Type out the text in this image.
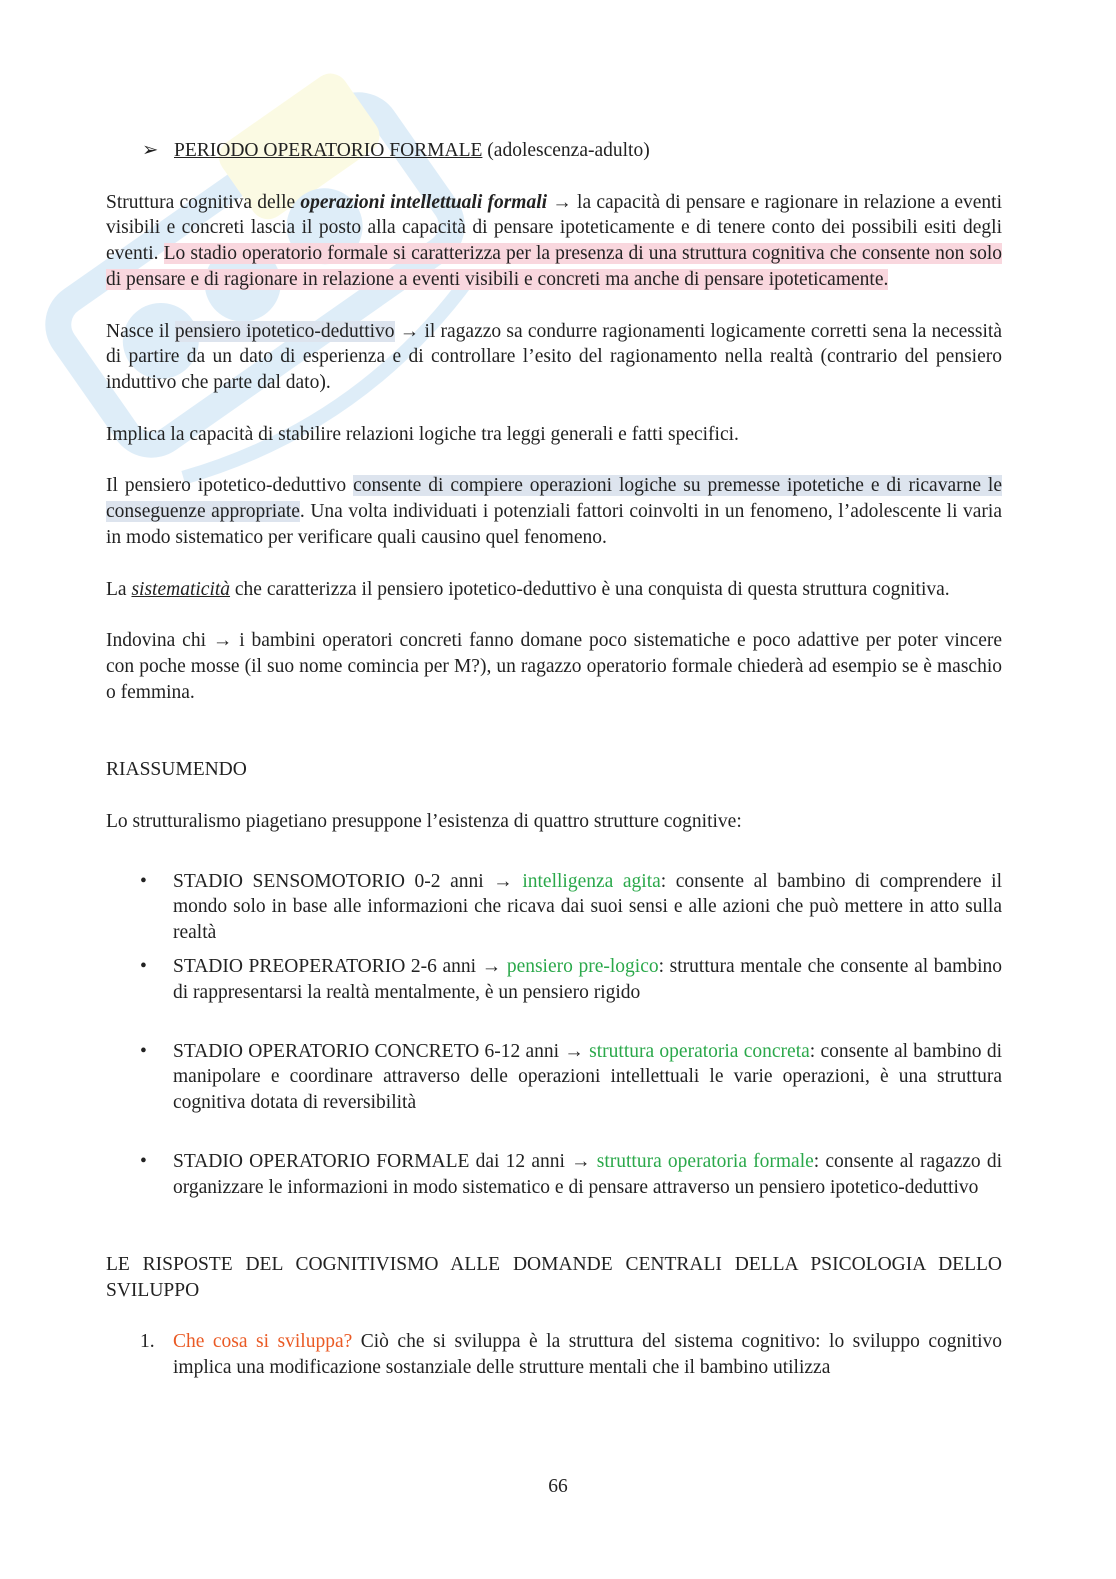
➢ PERIODO OPERATORIO FORMALE (adolescenza-adulto)

Struttura cognitiva delle operazioni intellettuali formali → la capacità di pensare e ragionare in relazione a eventi visibili e concreti lascia il posto alla capacità di pensare ipoteticamente e di tenere conto dei possibili esiti degli eventi. Lo stadio operatorio formale si caratterizza per la presenza di una struttura cognitiva che consente non solo di pensare e di ragionare in relazione a eventi visibili e concreti ma anche di pensare ipoteticamente.

Nasce il pensiero ipotetico-deduttivo → il ragazzo sa condurre ragionamenti logicamente corretti sena la necessità di partire da un dato di esperienza e di controllare l’esito del ragionamento nella realtà (contrario del pensiero induttivo che parte dal dato).

Implica la capacità di stabilire relazioni logiche tra leggi generali e fatti specifici.

Il pensiero ipotetico-deduttivo consente di compiere operazioni logiche su premesse ipotetiche e di ricavarne le conseguenze appropriate. Una volta individuati i potenziali fattori coinvolti in un fenomeno, l’adolescente li varia in modo sistematico per verificare quali causino quel fenomeno.

La sistematicità che caratterizza il pensiero ipotetico-deduttivo è una conquista di questa struttura cognitiva.

Indovina chi → i bambini operatori concreti fanno domane poco sistematiche e poco adattive per poter vincere con poche mosse (il suo nome comincia per M?), un ragazzo operatorio formale chiederà ad esempio se è maschio o femmina.

RIASSUMENDO

Lo strutturalismo piagetiano presuppone l’esistenza di quattro strutture cognitive:

• STADIO SENSOMOTORIO 0-2 anni → intelligenza agita: consente al bambino di comprendere il mondo solo in base alle informazioni che ricava dai suoi sensi e alle azioni che può mettere in atto sulla realtà
• STADIO PREOPERATORIO 2-6 anni → pensiero pre-logico: struttura mentale che consente al bambino di rappresentarsi la realtà mentalmente, è un pensiero rigido
• STADIO OPERATORIO CONCRETO 6-12 anni → struttura operatoria concreta: consente al bambino di manipolare e coordinare attraverso delle operazioni intellettuali le varie operazioni, è una struttura cognitiva dotata di reversibilità
• STADIO OPERATORIO FORMALE dai 12 anni → struttura operatoria formale: consente al ragazzo di organizzare le informazioni in modo sistematico e di pensare attraverso un pensiero ipotetico-deduttivo

LE RISPOSTE DEL COGNITIVISMO ALLE DOMANDE CENTRALI DELLA PSICOLOGIA DELLO SVILUPPO

1. Che cosa si sviluppa? Ciò che si sviluppa è la struttura del sistema cognitivo: lo sviluppo cognitivo implica una modificazione sostanziale delle strutture mentali che il bambino utilizza
66
